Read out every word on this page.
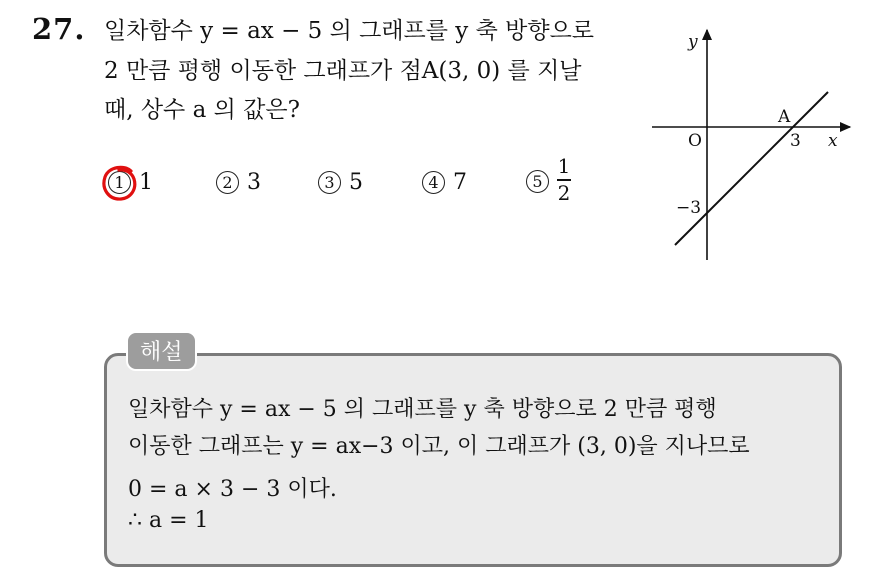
27. 일차함수 y = ax − 5 의 그래프를 y 축 방향으로
2 만큼 평행 이동한 그래프가 점A(3, 0) 를 지날
때, 상수 a 의 값은?
1 1	2 3	3 5	4 7	$5 \frac{1}{2}$
y
x
O
A
3
−3
해설
일차함수 y = ax − 5 의 그래프를 y 축 방향으로 2 만큼 평행
이동한 그래프는 y = ax−3 이고, 이 그래프가 (3, 0)을 지나므로
0 = a × 3 − 3 이다.
∴ a = 1
